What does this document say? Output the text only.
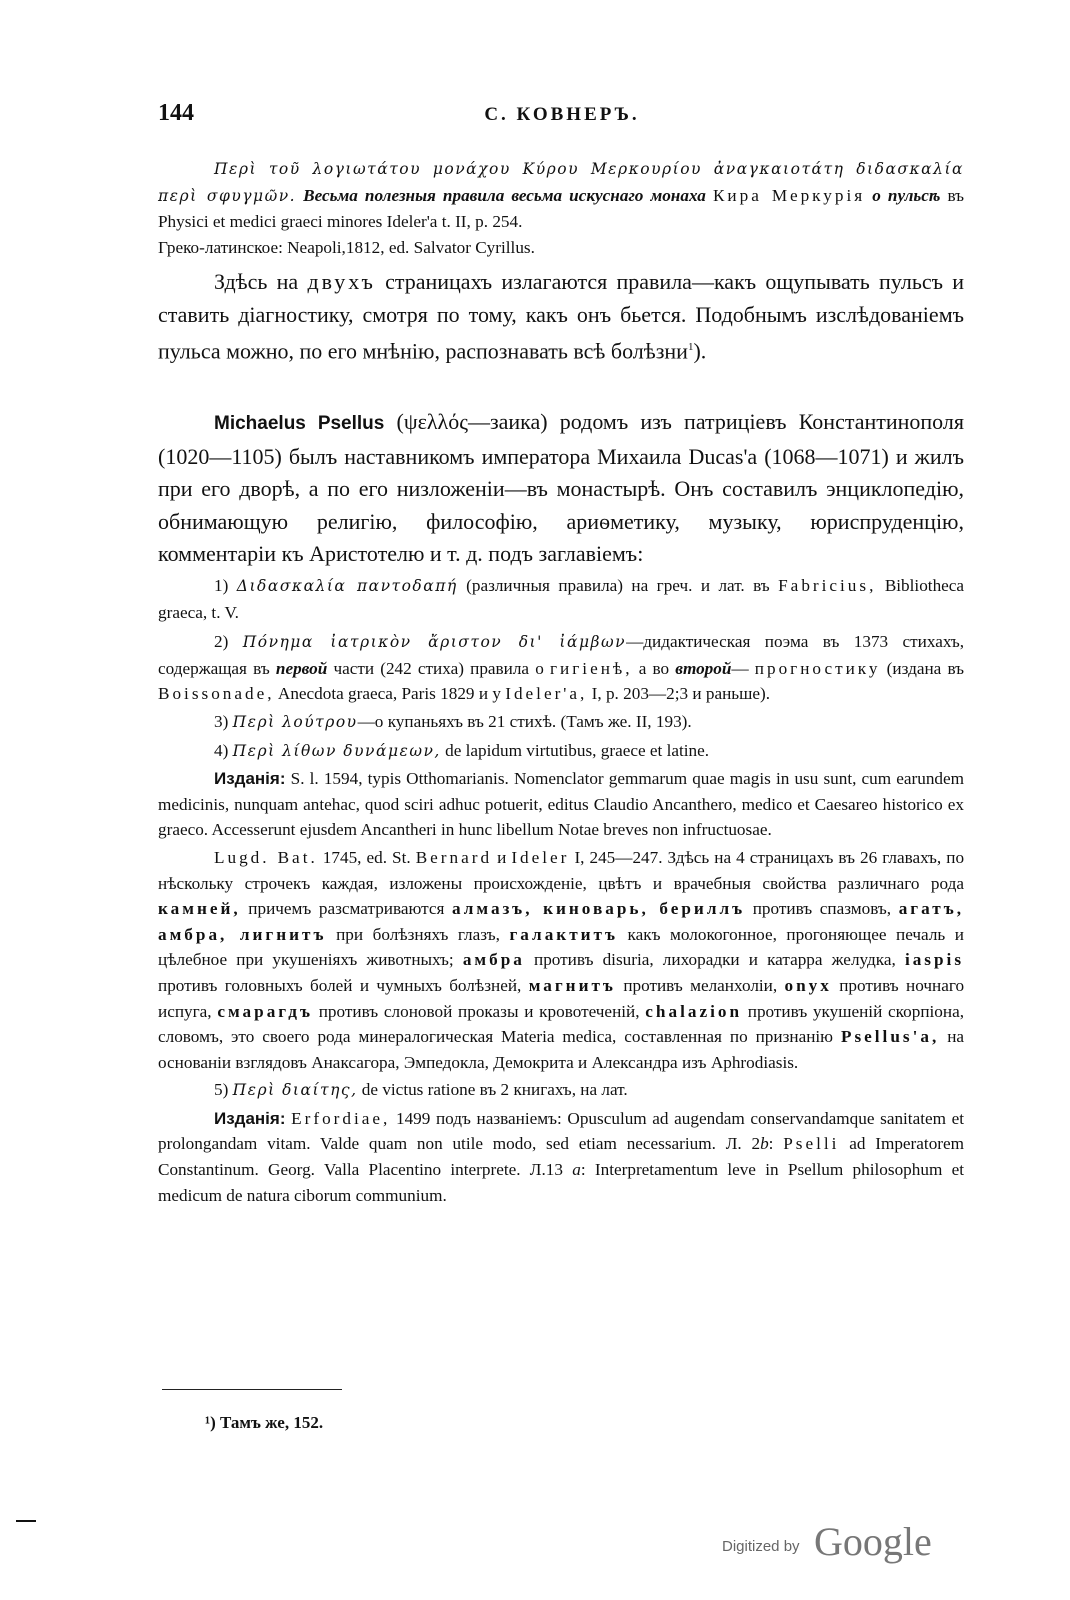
144	С. КОВНЕРЪ.
Περὶ τοῦ λογιωτάτου μονάχου Κύρου Μερκουρίου ἀναγκαιοτάτη διδασκαλία περὶ σφυγμῶν. Весьма полезныя правила весьма искуснаго монаха Кира Меркурія о пульсѣ въ Physici et medici graeci minores Ideler'a t. II, p. 254.
Греко-латинское: Neapoli,1812, ed. Salvator Cyrillus.
Здѣсь на двухъ страницахъ излагаются правила—какъ ощупывать пульсъ и ставить діагностику, смотря по тому, какъ онъ бьется. Подобнымъ изслѣдованіемъ пульса можно, по его мнѣнію, распознавать всѣ болѣзни$^1$).
Michaelus Psellus (ψελλός—заика) родомъ изъ патриціевъ Константинополя (1020—1105) былъ наставникомъ императора Михаила Ducas'a (1068—1071) и жилъ при его дворѣ, а по его низложеніи—въ монастырѣ. Онъ составилъ энциклопедію, обнимающую религію, философію, ариѳметику, музыку, юриспруденцію, комментаріи къ Аристотелю и т. д. подъ заглавіемъ:
1) Διδασκαλία παντοδαπή (различныя правила) на греч. и лат. въ Fabricius, Bibliotheca graeca, t. V.
2) Πόνημα ἰατρικὸν ἄριστον δι' ἰάμβων—дидактическая поэма въ 1373 стихахъ, содержащая въ первой части (242 стиха) правила о гигіенѣ, а во второй— прогностику (издана въ Boissonade, Anecdota graeca, Paris 1829 и у Ideler'a, I, p. 203—2;3 и раньше).
3) Περὶ λούτρου—о купаньяхъ въ 21 стихѣ. (Тамъ же. II, 193).
4) Περὶ λίθων δυνάμεων, de lapidum virtutibus, graece et latine.
Изданія: S. l. 1594, typis Otthomarianis. Nomenclator gemmarum quae magis in usu sunt, cum earundem medicinis, nunquam antehac, quod sciri adhuc potuerit, editus Claudio Ancanthero, medico et Caesareo historico ex graeco. Accesserunt ejusdem Ancantheri in hunc libellum Notae breves non infructuosae.
Lugd. Bat. 1745, ed. St. Bernard и Ideler I, 245—247. Здѣсь на 4 страницахъ въ 26 главахъ, по нѣскольку строчекъ каждая, изложены происхожденіе, цвѣтъ и врачебныя свойства различнаго рода камней, причемъ разсматриваются алмазъ, киноварь, бериллъ противъ спазмовъ, агатъ, амбра, лигнитъ при болѣзняхъ глазъ, галактитъ какъ молокогонное, прогоняющее печаль и цѣлебное при укушеніяхъ животныхъ; амбра противъ disuria, лихорадки и катарра желудка, iaspis противъ головныхъ болей и чумныхъ болѣзней, магнитъ противъ меланхоліи, onyx противъ ночнаго испуга, смарагдъ противъ слоновой проказы и кровотеченій, chalazion противъ укушеній скорпіона, словомъ, это своего рода минералогическая Materia medica, составленная по признанію Psellus'a, на основаніи взглядовъ Анаксагора, Эмпедокла, Демокрита и Александра изъ Aphrodiasis.
5) Περὶ διαίτης, de victus ratione въ 2 книгахъ, на лат.
Изданія: Erfordiae, 1499 подъ названіемъ: Opusculum ad augendam conservandamque sanitatem et prolongandam vitam. Valde quam non utile modo, sed etiam necessarium. Л. 2b: Pselli ad Imperatorem Constantinum. Georg. Valla Placentino interprete. Л.13 a: Interpretamentum leve in Psellum philosophum et medicum de natura ciborum communium.
¹) Тамъ же, 152.
Digitized by Google
